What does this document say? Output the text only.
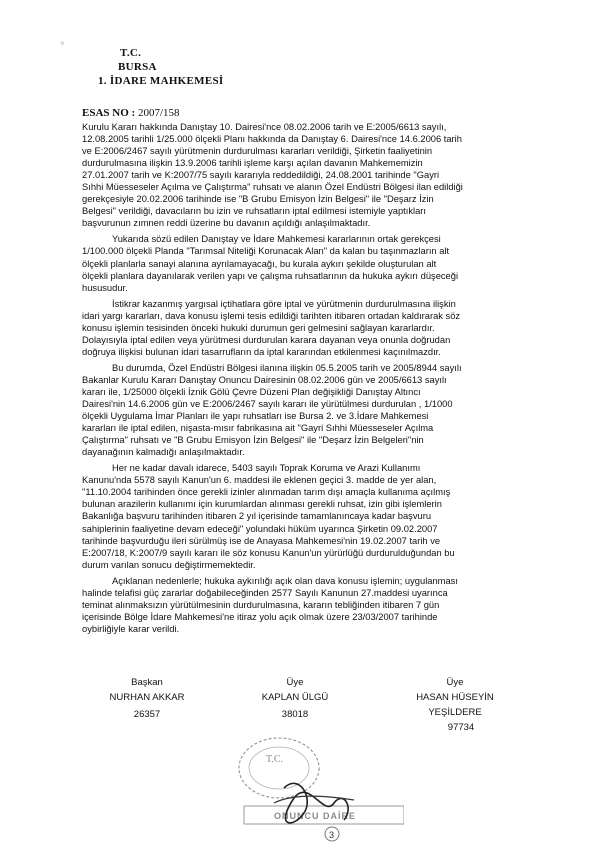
T.C.
BURSA
1. İDARE MAHKEMESİ
ESAS NO : 2007/158

Kurulu Kararı hakkında Danıştay 10. Dairesi'nce 08.02.2006 tarih ve E:2005/6613 sayılı,
12.08.2005 tarihli 1/25.000 ölçekli Planı hakkında da Danıştay 6. Dairesi'nce 14.6.2006 tarih
ve E:2006/2467 sayılı yürütmenin durdurulması kararları verildiği, Şirketin faaliyetinin
durdurulmasına ilişkin 13.9.2006 tarihli işleme karşı açılan davanın Mahkememizin
27.01.2007 tarih ve K:2007/75 sayılı kararıyla reddedildiği, 24.08.2001 tarihinde "Gayri
Sıhhi Müesseseler Açılma ve Çalıştırma" ruhsatı ve alanın Özel Endüstri Bölgesi ilan edildiği
gerekçesiyle 20.02.2006 tarihinde ise "B Grubu Emisyon İzin Belgesi" ile "Deşarz İzin
Belgesi" verildiği, davacıların bu izin ve ruhsatların iptal edilmesi istemiyle yaptıkları
başvurunun zımnen reddi üzerine bu davanın açıldığı anlaşılmaktadır.

Yukarıda sözü edilen Danıştay ve İdare Mahkemesi kararlarının ortak gerekçesi
1/100.000 ölçekli Planda "Tarımsal Niteliği Korunacak Alan" da kalan bu taşınmazların alt
ölçekli planlarla sanayi alanına ayrılamayacağı, bu kurala aykırı şekilde oluşturulan alt
ölçekli planlara dayanılarak verilen yapı ve çalışma ruhsatlarının da hukuka aykırı düşeceği
hususudur.

İstikrar kazanmış yargısal içtihatlara göre iptal ve yürütmenin durdurulmasına ilişkin
idari yargı kararları, dava konusu işlemi tesis edildiği tarihten itibaren ortadan kaldırarak söz
konusu işlemin tesisinden önceki hukuki durumun geri gelmesini sağlayan kararlardır.
Dolayısıyla iptal edilen veya yürütmesi durdurulan karara dayanan veya onunla doğrudan
doğruya ilişkisi bulunan idari tasarrufların da iptal kararından etkilenmesi kaçınılmazdır.

Bu durumda, Özel Endüstri Bölgesi ilanına ilişkin 05.5.2005 tarih ve 2005/8944 sayılı
Bakanlar Kurulu Kararı Danıştay Onuncu Dairesinin 08.02.2006 gün ve 2005/6613 sayılı
kararı ile, 1/25000 ölçekli İznik Gölü Çevre Düzeni Plan değişikliği Danıştay Altıncı
Dairesi'nin 14.6.2006 gün ve E:2006/2467 sayılı kararı ile yürütülmesi durdurulan , 1/1000
ölçekli Uygulama İmar Planları ile yapı ruhsatları ise Bursa 2. ve 3.İdare Mahkemesi
kararları ile iptal edilen, nişasta-mısır fabrikasına ait "Gayri Sıhhi Müesseseler Açılma
Çalıştırma" ruhsatı ve "B Grubu Emisyon İzin Belgesi" ile "Deşarz İzin Belgeleri"nin
dayanağının kalmadığı anlaşılmaktadır.

Her ne kadar davalı idarece, 5403 sayılı Toprak Koruma ve Arazi Kullanımı
Kanunu'nda 5578 sayılı Kanun'un 6. maddesi ile eklenen geçici 3. madde de yer alan,
"11.10.2004 tarihinden önce gerekli izinler alınmadan tarım dışı amaçla kullanıma açılmış
bulunan arazilerin kullanımı için kurumlardan alınması gerekli ruhsat, izin gibi işlemlerin
Bakanlığa başvuru tarihinden itibaren 2 yıl içerisinde tamamlanıncaya kadar başvuru
sahiplerinin faaliyetine devam edeceği" yolundaki hüküm uyarınca Şirketin 09.02.2007
tarihinde başvurduğu ileri sürülmüş ise de Anayasa Mahkemesi'nin 19.02.2007 tarih ve
E:2007/18, K:2007/9 sayılı kararı ile söz konusu Kanun'un yürürlüğü durdurulduğundan bu
durum varılan sonucu değiştirmemektedir.

Açıklanan nedenlerle; hukuka aykırılığı açık olan dava konusu işlemin; uygulanması
halinde telafisi güç zararlar doğabileceğinden 2577 Sayılı Kanunun 27.maddesi uyarınca
teminat alınmaksızın yürütülmesinin durdurulmasına, kararın tebliğinden itibaren 7 gün
içerisinde Bölge İdare Mahkemesi'ne itiraz yolu açık olmak üzere 23/03/2007 tarihinde
oybirliğiyle karar verildi.

Başkan
NURHAN AKKAR
26357
Üye
KAPLAN ÜLGÜ
38018
Üye
HASAN HÜSEYİN
YEŞİLDERE
97734
T.C.
ONUNCU DAİRE
3
⸰
